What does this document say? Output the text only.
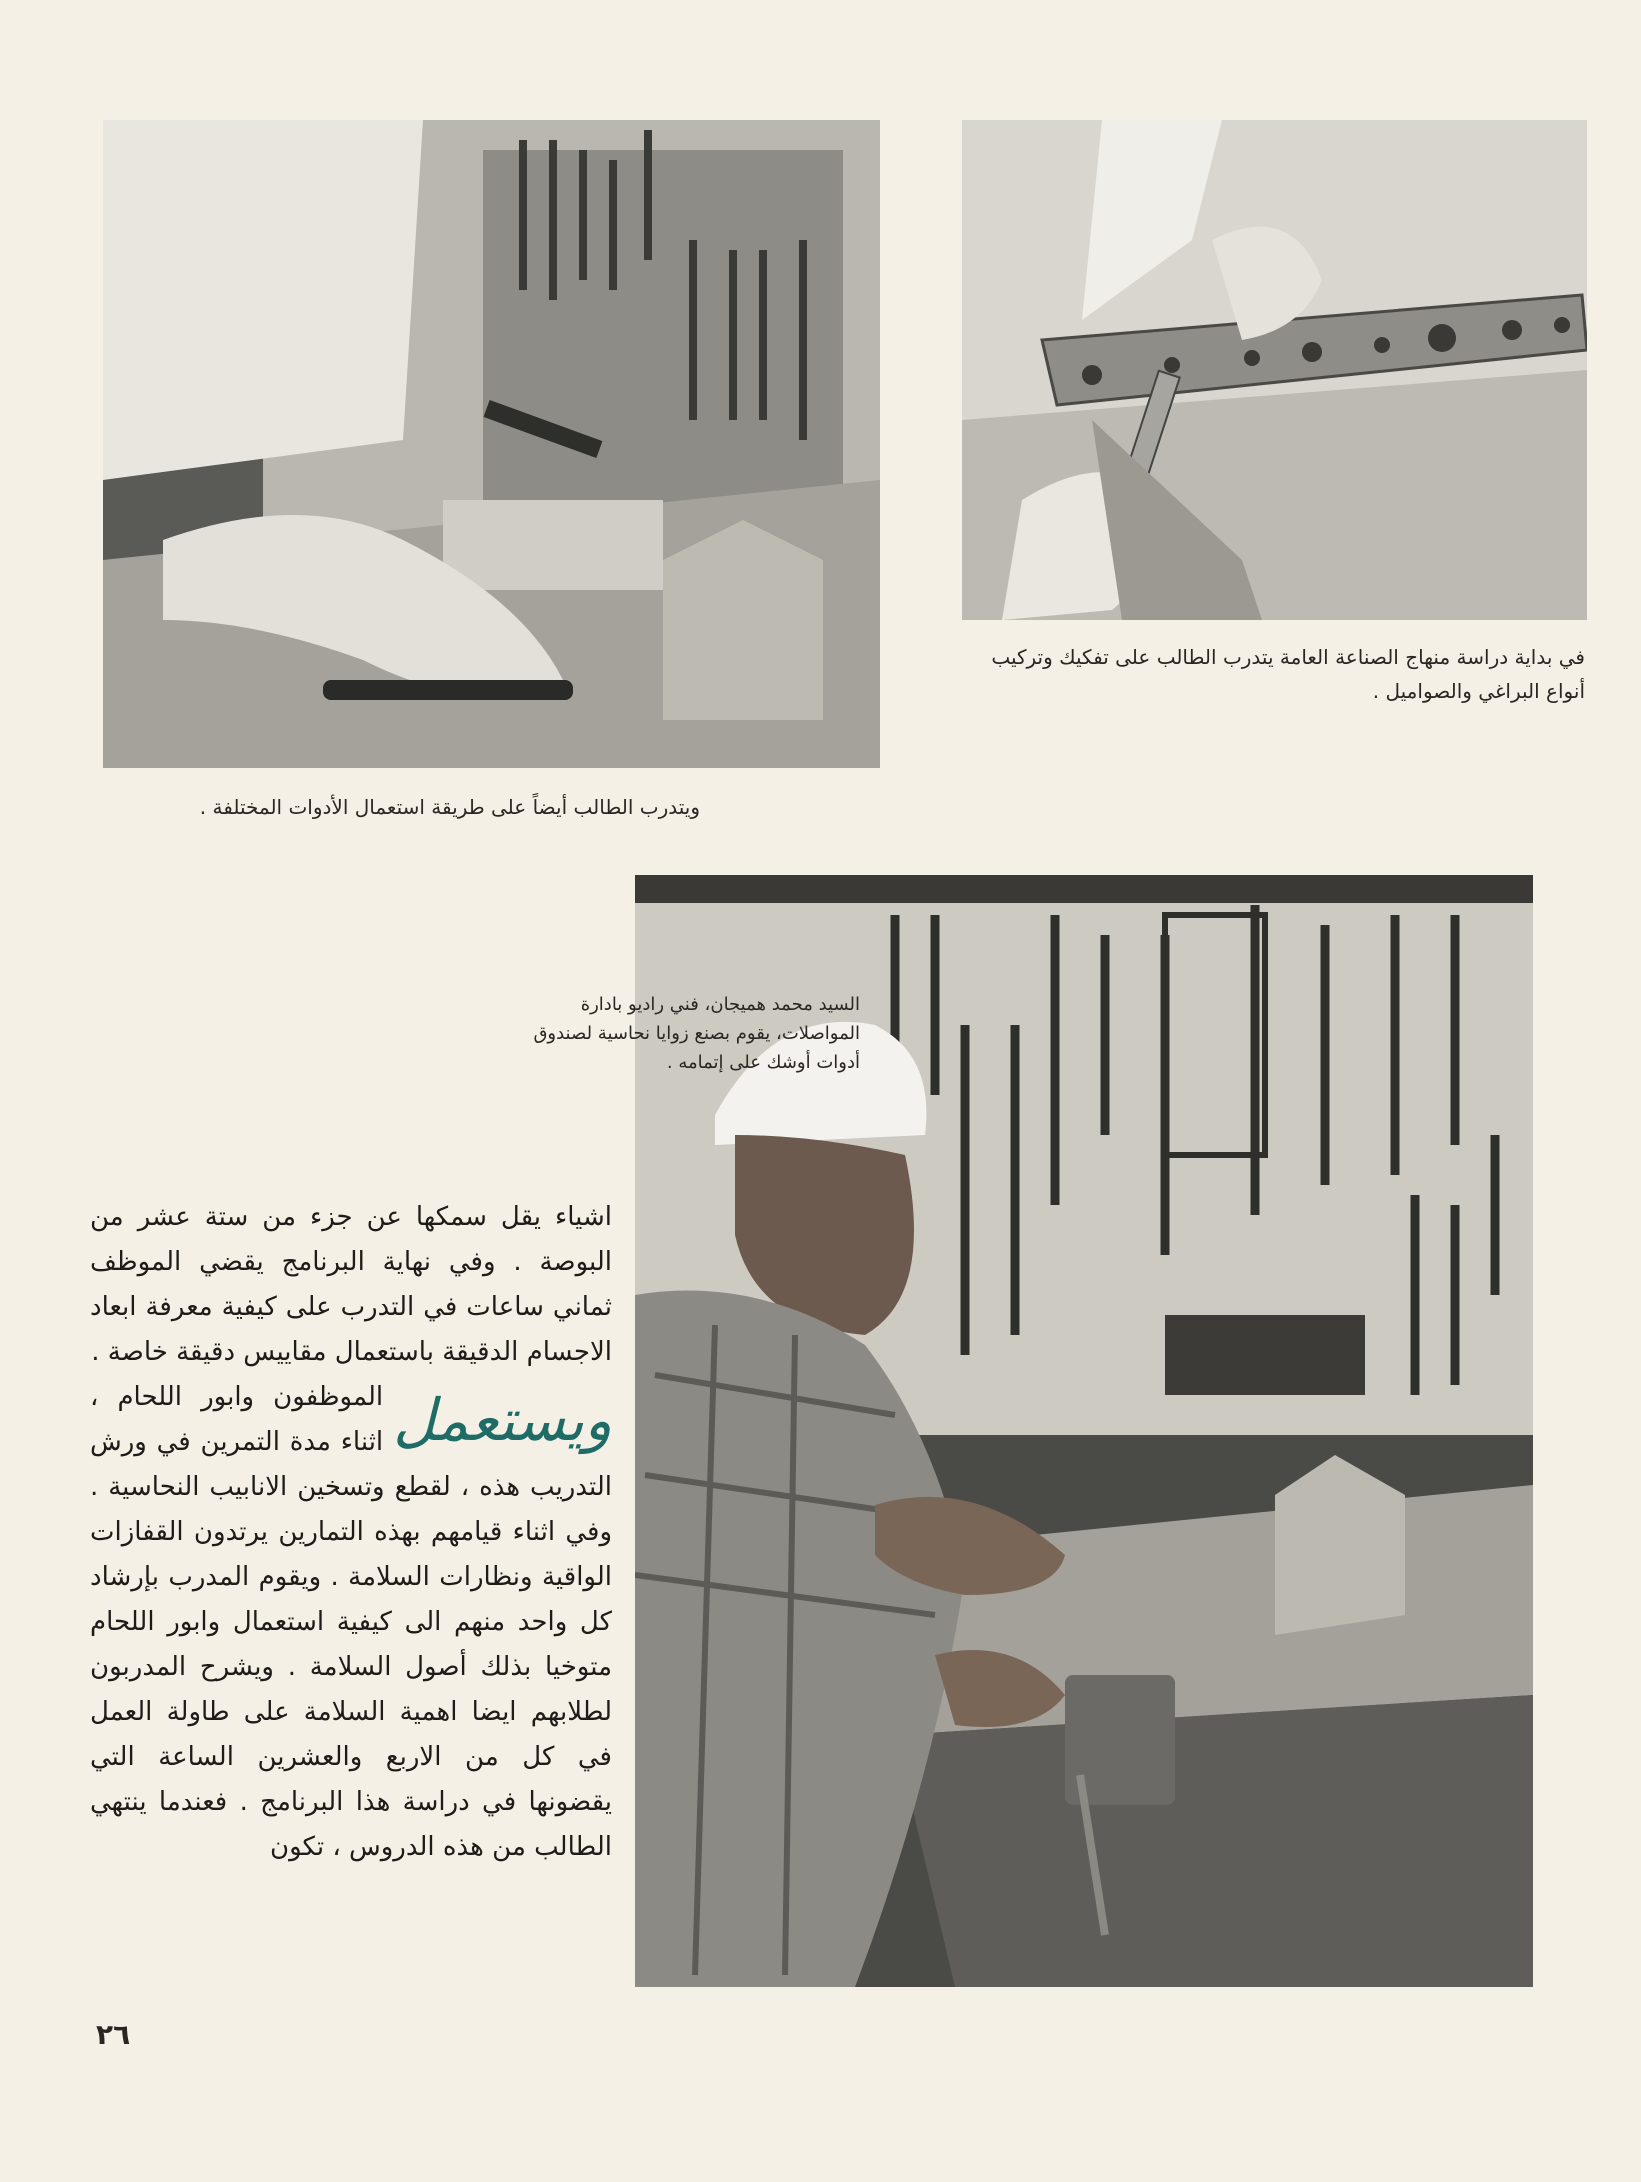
في بداية دراسة منهاج الصناعة العامة يتدرب الطالب على تفكيك وتركيب أنواع البراغي والصواميل .
ويتدرب الطالب أيضاً على طريقة استعمال الأدوات المختلفة .
السيد محمد هميجان، فني راديو بادارة المواصلات، يقوم بصنع زوايا نحاسية لصندوق أدوات أوشك على إتمامه .

اشياء يقل سمكها عن جزء من ستة عشر من البوصة . وفي نهاية البرنامج يقضي الموظف ثماني ساعات في التدرب على كيفية معرفة ابعاد الاجسام الدقيقة باستعمال مقاييس دقيقة خاصة .

ويستعمل
الموظفون وابور اللحام ، اثناء مدة التمرين في ورش التدريب هذه ، لقطع وتسخين الانابيب النحاسية . وفي اثناء قيامهم بهذه التمارين يرتدون القفازات الواقية ونظارات السلامة . ويقوم المدرب بإرشاد كل واحد منهم الى كيفية استعمال وابور اللحام متوخيا بذلك أصول السلامة . ويشرح المدربون لطلابهم ايضا اهمية السلامة على طاولة العمل في كل من الاربع والعشرين الساعة التي يقضونها في دراسة هذا البرنامج . فعندما ينتهي الطالب من هذه الدروس ، تكون

٢٦
